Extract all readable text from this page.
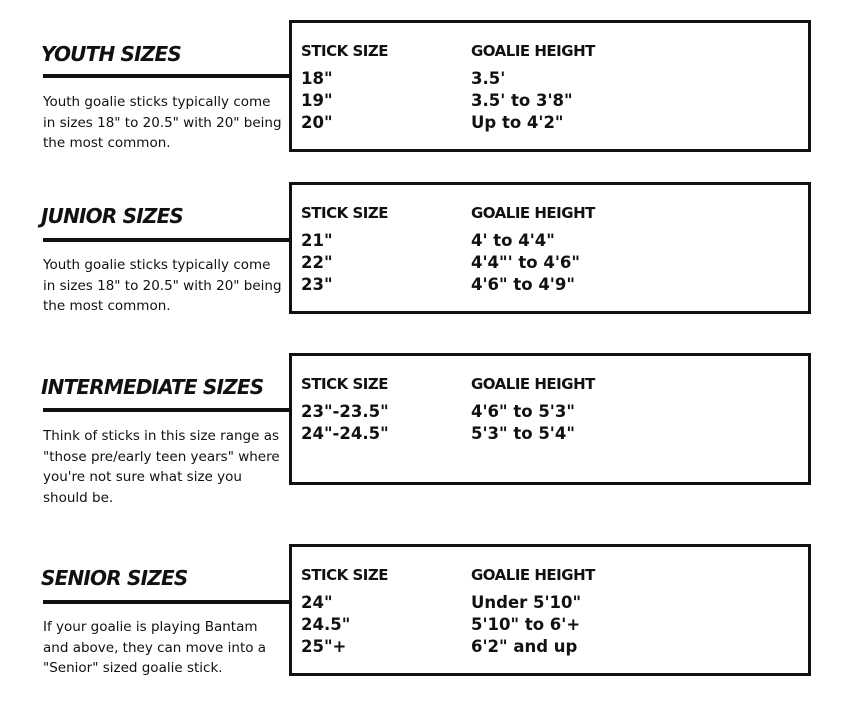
YOUTH SIZES

Youth goalie sticks typically come in sizes 18" to 20.5" with 20" being the most common.

STICK SIZE	GOALIE HEIGHT
18"	3.5'
19"	3.5' to 3'8"
20"	Up to 4'2"
JUNIOR SIZES

Youth goalie sticks typically come in sizes 18" to 20.5" with 20" being the most common.

STICK SIZE	GOALIE HEIGHT
21"	4' to 4'4"
22"	4'4"' to 4'6"
23"	4'6" to 4'9"
INTERMEDIATE SIZES

Think of sticks in this size range as "those pre/early teen years" where you're not sure what size you should be.

STICK SIZE	GOALIE HEIGHT
23"-23.5"	4'6" to 5'3"
24"-24.5"	5'3" to 5'4"
SENIOR SIZES

If your goalie is playing Bantam and above, they can move into a "Senior" sized goalie stick.

STICK SIZE	GOALIE HEIGHT
24"	Under 5'10"
24.5"	5'10" to 6'+
25"+	6'2" and up
